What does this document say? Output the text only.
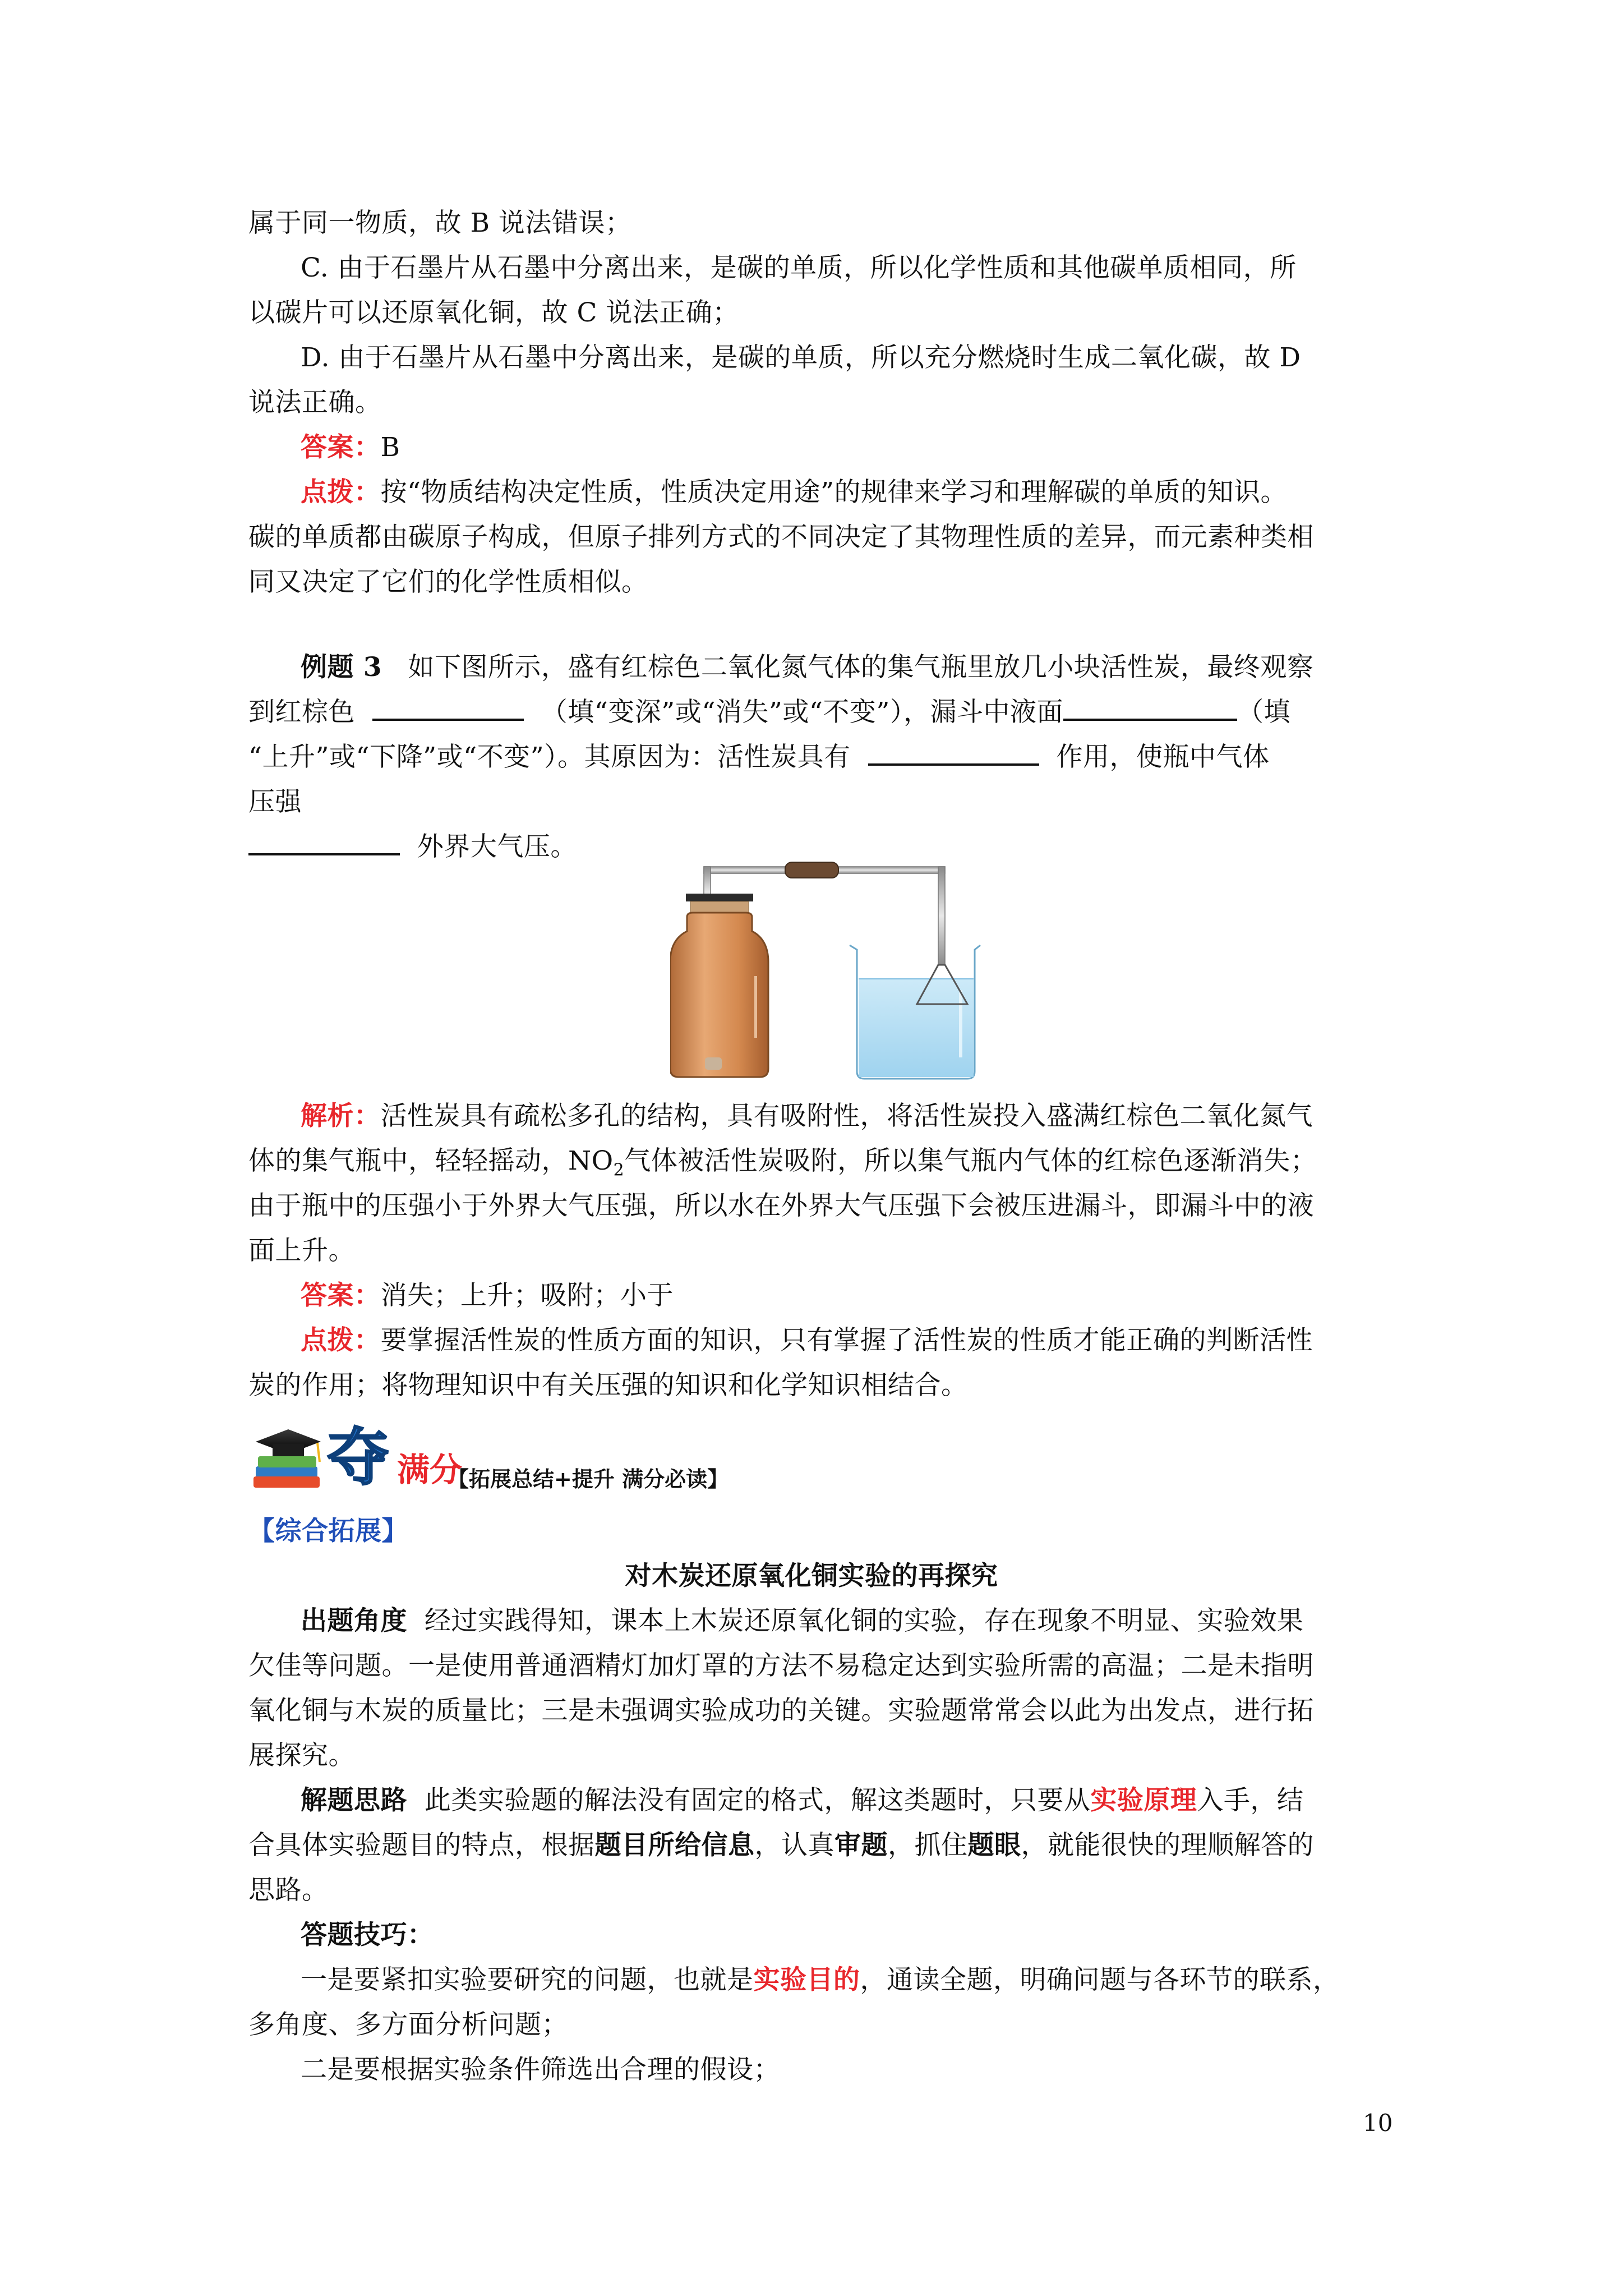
属于同一物质，故 B 说法错误；
C. 由于石墨片从石墨中分离出来，是碳的单质，所以化学性质和其他碳单质相同，所
以碳片可以还原氧化铜，故 C 说法正确；
D. 由于石墨片从石墨中分离出来，是碳的单质，所以充分燃烧时生成二氧化碳，故 D
说法正确。
答案：B
点拨：按“物质结构决定性质，性质决定用途”的规律来学习和理解碳的单质的知识。
碳的单质都由碳原子构成，但原子排列方式的不同决定了其物理性质的差异，而元素种类相
同又决定了它们的化学性质相似。
例题 3 如下图所示，盛有红棕色二氧化氮气体的集气瓶里放几小块活性炭，最终观察
到红棕色	（填“变深”或“消失”或“不变”），漏斗中液面	（填
“上升”或“下降”或“不变”）。其原因为：活性炭具有	作用，使瓶中气体
压强
外界大气压。
解析：活性炭具有疏松多孔的结构，具有吸附性，将活性炭投入盛满红棕色二氧化氮气
体的集气瓶中，轻轻摇动，$NO_2$气体被活性炭吸附，所以集气瓶内气体的红棕色逐渐消失；
由于瓶中的压强小于外界大气压强，所以水在外界大气压强下会被压进漏斗，即漏斗中的液
面上升。
答案：消失；上升；吸附；小于
点拨：要掌握活性炭的性质方面的知识，只有掌握了活性炭的性质才能正确的判断活性
炭的作用；将物理知识中有关压强的知识和化学知识相结合。
夺 满分
【拓展总结+提升 满分必读】
【综合拓展】
对木炭还原氧化铜实验的再探究
出题角度 经过实践得知，课本上木炭还原氧化铜的实验，存在现象不明显、实验效果
欠佳等问题。一是使用普通酒精灯加灯罩的方法不易稳定达到实验所需的高温；二是未指明
氧化铜与木炭的质量比；三是未强调实验成功的关键。实验题常常会以此为出发点，进行拓
展探究。
解题思路 此类实验题的解法没有固定的格式，解这类题时，只要从实验原理入手，结
合具体实验题目的特点，根据题目所给信息，认真审题，抓住题眼，就能很快的理顺解答的
思路。
答题技巧：
一是要紧扣实验要研究的问题，也就是实验目的，通读全题，明确问题与各环节的联系，
多角度、多方面分析问题；
二是要根据实验条件筛选出合理的假设；
10
